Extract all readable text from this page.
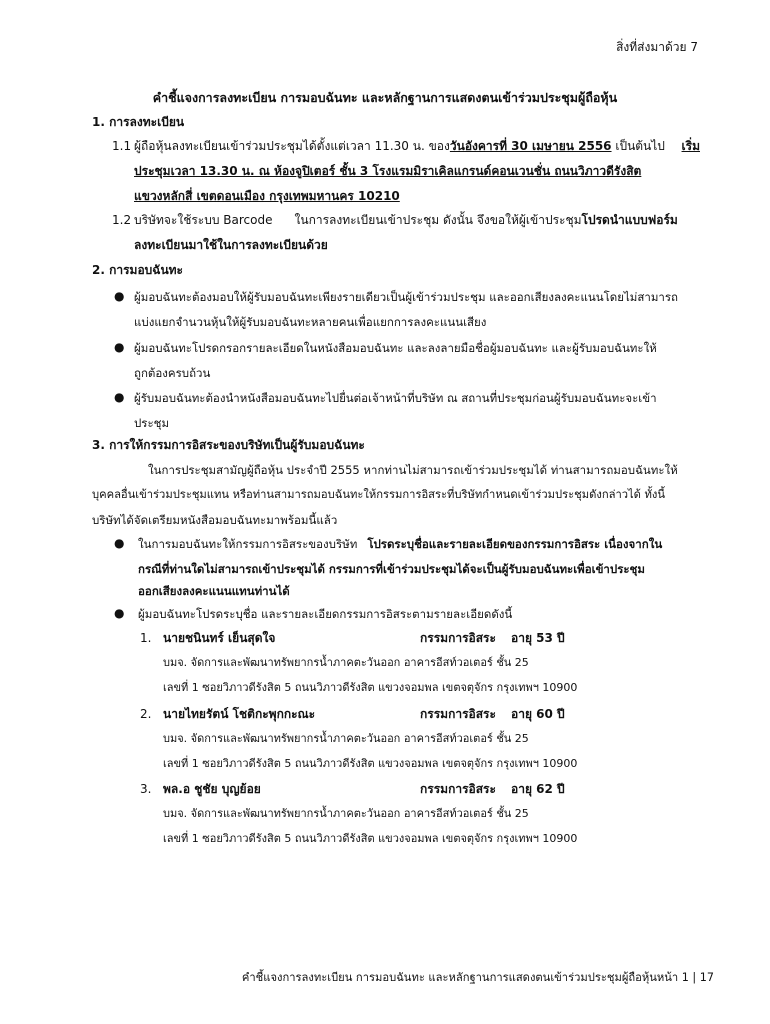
สิ่งที่ส่งมาด้วย 7
คำชี้แจงการลงทะเบียน การมอบฉันทะ และหลักฐานการแสดงตนเข้าร่วมประชุมผู้ถือหุ้น
1. การลงทะเบียน
1.1 ผู้ถือหุ้นลงทะเบียนเข้าร่วมประชุมได้ตั้งแต่เวลา 11.30 น. ของวันอังคารที่ 30 เมษายน 2556 เป็นต้นไป เริ่ม
ประชุมเวลา 13.30 น. ณ ห้องจูปิเตอร์ ชั้น 3 โรงแรมมิราเคิลแกรนด์คอนเวนชั่น ถนนวิภาวดีรังสิต
แขวงหลักสี่ เขตดอนเมือง กรุงเทพมหานคร 10210
1.2 บริษัทจะใช้ระบบ Barcode ในการลงทะเบียนเข้าประชุม ดังนั้น จึงขอให้ผู้เข้าประชุมโปรดนำแบบฟอร์ม
ลงทะเบียนมาใช้ในการลงทะเบียนด้วย
2. การมอบฉันทะ
● ผู้มอบฉันทะต้องมอบให้ผู้รับมอบฉันทะเพียงรายเดียวเป็นผู้เข้าร่วมประชุม และออกเสียงลงคะแนนโดยไม่สามารถ
แบ่งแยกจำนวนหุ้นให้ผู้รับมอบฉันทะหลายคนเพื่อแยกการลงคะแนนเสียง
● ผู้มอบฉันทะโปรดกรอกรายละเอียดในหนังสือมอบฉันทะ และลงลายมือชื่อผู้มอบฉันทะ และผู้รับมอบฉันทะให้
ถูกต้องครบถ้วน
● ผู้รับมอบฉันทะต้องนำหนังสือมอบฉันทะไปยื่นต่อเจ้าหน้าที่บริษัท ณ สถานที่ประชุมก่อนผู้รับมอบฉันทะจะเข้า
ประชุม
3. การให้กรรมการอิสระของบริษัทเป็นผู้รับมอบฉันทะ
ในการประชุมสามัญผู้ถือหุ้น ประจำปี 2555 หากท่านไม่สามารถเข้าร่วมประชุมได้ ท่านสามารถมอบฉันทะให้
บุคคลอื่นเข้าร่วมประชุมแทน หรือท่านสามารถมอบฉันทะให้กรรมการอิสระที่บริษัทกำหนดเข้าร่วมประชุมดังกล่าวได้ ทั้งนี้
บริษัทได้จัดเตรียมหนังสือมอบฉันทะมาพร้อมนี้แล้ว
● ในการมอบฉันทะให้กรรมการอิสระของบริษัท โปรดระบุชื่อและรายละเอียดของกรรมการอิสระ เนื่องจากใน
กรณีที่ท่านใดไม่สามารถเข้าประชุมได้ กรรมการที่เข้าร่วมประชุมได้จะเป็นผู้รับมอบฉันทะเพื่อเข้าประชุม
ออกเสียงลงคะแนนแทนท่านได้
● ผู้มอบฉันทะโปรดระบุชื่อ และรายละเอียดกรรมการอิสระตามรายละเอียดดังนี้
1. นายชนินทร์ เย็นสุดใจ	กรรมการอิสระ อายุ 53 ปี
บมจ. จัดการและพัฒนาทรัพยากรน้ำภาคตะวันออก อาคารอีสท์วอเตอร์ ชั้น 25
เลขที่ 1 ซอยวิภาวดีรังสิต 5 ถนนวิภาวดีรังสิต แขวงจอมพล เขตจตุจักร กรุงเทพฯ 10900
2. นายไทยรัตน์ โชติกะพุกกะณะ	กรรมการอิสระ อายุ 60 ปี
บมจ. จัดการและพัฒนาทรัพยากรน้ำภาคตะวันออก อาคารอีสท์วอเตอร์ ชั้น 25
เลขที่ 1 ซอยวิภาวดีรังสิต 5 ถนนวิภาวดีรังสิต แขวงจอมพล เขตจตุจักร กรุงเทพฯ 10900
3. พล.อ ชูชัย บุญย้อย	กรรมการอิสระ อายุ 62 ปี
บมจ. จัดการและพัฒนาทรัพยากรน้ำภาคตะวันออก อาคารอีสท์วอเตอร์ ชั้น 25
เลขที่ 1 ซอยวิภาวดีรังสิต 5 ถนนวิภาวดีรังสิต แขวงจอมพล เขตจตุจักร กรุงเทพฯ 10900
คำชี้แจงการลงทะเบียน การมอบฉันทะ และหลักฐานการแสดงตนเข้าร่วมประชุมผู้ถือหุ้นหน้า 1 | 17
